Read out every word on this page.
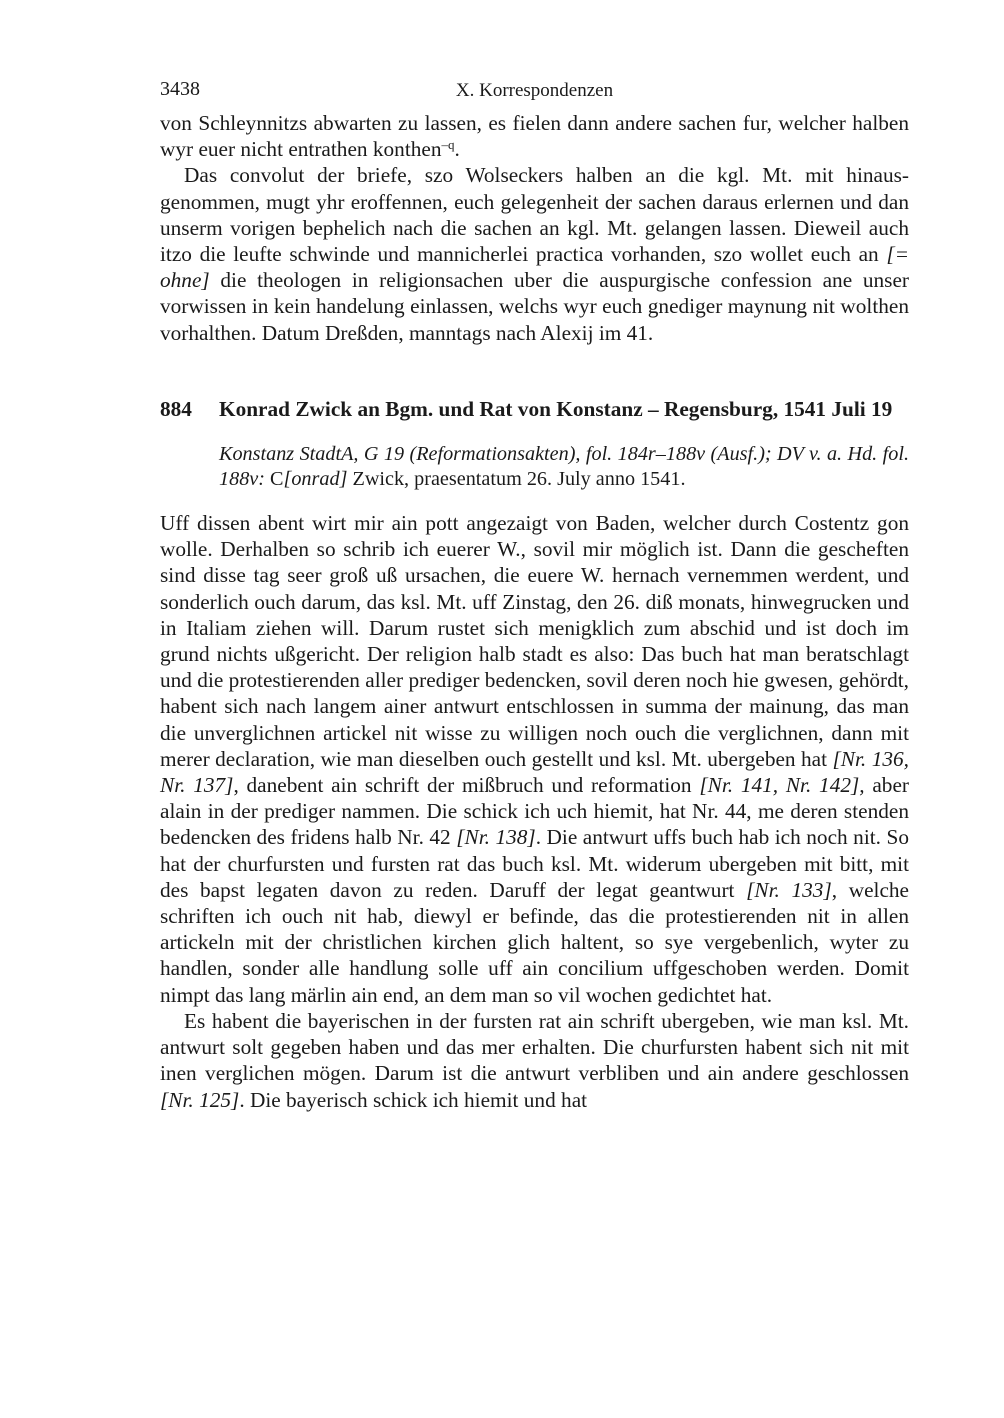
3438	X. Korrespondenzen

von Schleynnitzs abwarten zu lassen, es fielen dann andere sachen fur, welcher halben wyr euer nicht entrathen konthen$^{-q}$.

Das convolut der briefe, szo Wolseckers halben an die kgl. Mt. mit hinausgenommen, mugt yhr eroffennen, euch gelegenheit der sachen daraus erlernen und dan unserm vorigen bephelich nach die sachen an kgl. Mt. gelangen lassen. Dieweil auch itzo die leufte schwinde und mannicherlei practica vorhanden, szo wollet euch an [= ohne] die theologen in religionsachen uber die auspurgische confession ane unser vorwissen in kein handelung einlassen, welchs wyr euch gnediger maynung nit wolthen vorhalthen. Datum Dreßden, manntags nach Alexij im 41.

884	Konrad Zwick an Bgm. und Rat von Konstanz – Regensburg, 1541 Juli 19
Konstanz StadtA, G 19 (Reformationsakten), fol. 184r–188v (Ausf.); DV v. a. Hd. fol. 188v: C[onrad] Zwick, praesentatum 26. July anno 1541.

Uff dissen abent wirt mir ain pott angezaigt von Baden, welcher durch Costentz gon wolle. Derhalben so schrib ich euerer W., sovil mir möglich ist. Dann die gescheften sind disse tag seer groß uß ursachen, die euere W. hernach vernemmen werdent, und sonderlich ouch darum, das ksl. Mt. uff Zinstag, den 26. diß monats, hinwegrucken und in Italiam ziehen will. Darum rustet sich menigklich zum abschid und ist doch im grund nichts ußgericht. Der religion halb stadt es also: Das buch hat man beratschlagt und die protestierenden aller prediger bedencken, sovil deren noch hie gwesen, gehördt, habent sich nach langem ainer antwurt entschlossen in summa der mainung, das man die unverglichnen artickel nit wisse zu willigen noch ouch die verglichnen, dann mit merer declaration, wie man dieselben ouch gestellt und ksl. Mt. ubergeben hat [Nr. 136, Nr. 137], danebent ain schrift der mißbruch und reformation [Nr. 141, Nr. 142], aber alain in der prediger nammen. Die schick ich uch hiemit, hat Nr. 44, me deren stenden bedencken des fridens halb Nr. 42 [Nr. 138]. Die antwurt uffs buch hab ich noch nit. So hat der churfursten und fursten rat das buch ksl. Mt. widerum ubergeben mit bitt, mit des bapst legaten davon zu reden. Daruff der legat geantwurt [Nr. 133], welche schriften ich ouch nit hab, diewyl er befinde, das die protestierenden nit in allen artickeln mit der christlichen kirchen glich haltent, so sye vergebenlich, wyter zu handlen, sonder alle handlung solle uff ain concilium uffgeschoben werden. Domit nimpt das lang märlin ain end, an dem man so vil wochen gedichtet hat.

Es habent die bayerischen in der fursten rat ain schrift ubergeben, wie man ksl. Mt. antwurt solt gegeben haben und das mer erhalten. Die churfursten habent sich nit mit inen verglichen mögen. Darum ist die antwurt verbliben und ain andere geschlossen [Nr. 125]. Die bayerisch schick ich hiemit und hat
